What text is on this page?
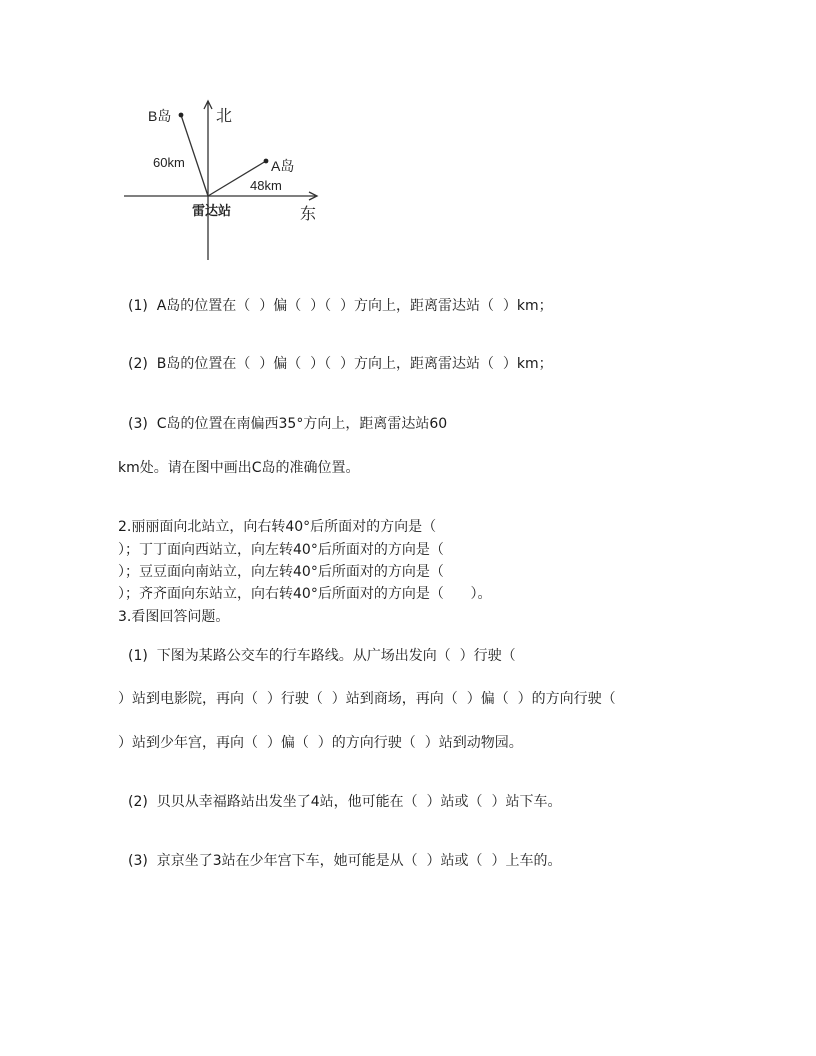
B岛	北
60km	A岛
48km
雷达站	东
(1)  A岛的位置在（  ）偏（  ）（  ）方向上，距离雷达站（  ）km；
(2)  B岛的位置在（  ）偏（  ）（  ）方向上，距离雷达站（  ）km；
(3)  C岛的位置在南偏西35°方向上，距离雷达站60
km处。请在图中画出C岛的准确位置。
2.丽丽面向北站立，向右转40°后所面对的方向是（
）；丁丁面向西站立，向左转40°后所面对的方向是（
）；豆豆面向南站立，向左转40°后所面对的方向是（
）；齐齐面向东站立，向右转40°后所面对的方向是（      ）。
3.看图回答问题。
(1)  下图为某路公交车的行车路线。从广场出发向（  ）行驶（
）站到电影院，再向（  ）行驶（  ）站到商场，再向（  ）偏（  ）的方向行驶（
）站到少年宫，再向（  ）偏（  ）的方向行驶（  ）站到动物园。
(2)  贝贝从幸福路站出发坐了4站，他可能在（  ）站或（  ）站下车。
(3)  京京坐了3站在少年宫下车，她可能是从（  ）站或（  ）上车的。
